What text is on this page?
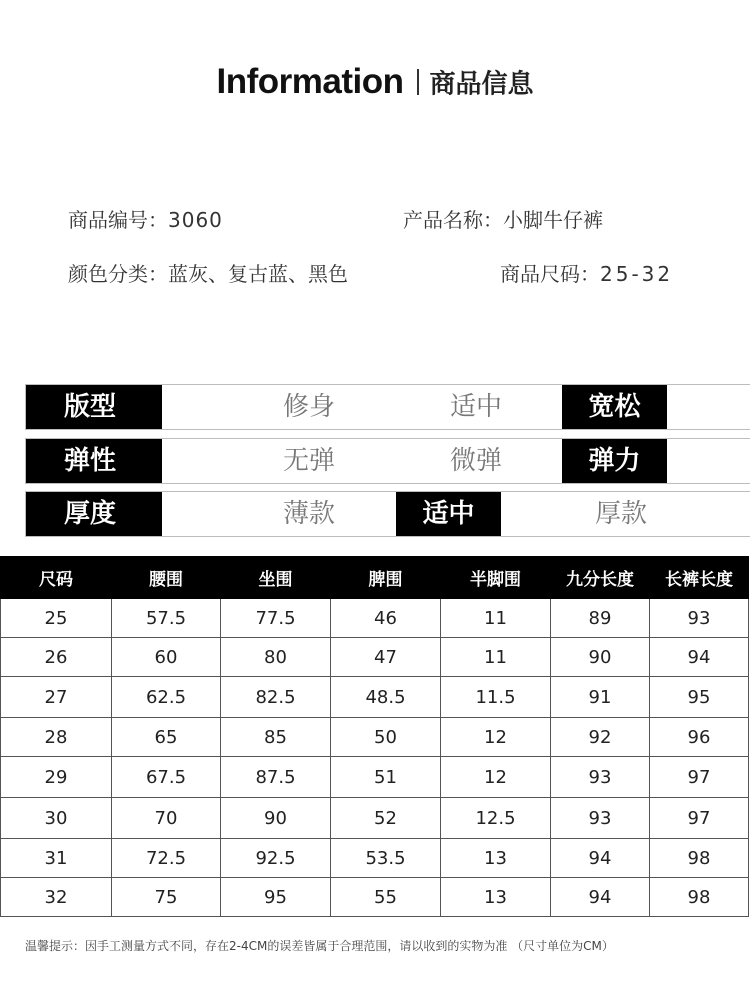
Information 商品信息
商品编号：3060	产品名称：小脚牛仔裤
颜色分类：蓝灰、复古蓝、黑色	商品尺码：25-32
版型	修身	适中	宽松
弹性	无弹	微弹	弹力
厚度	薄款	适中	厚款
尺码	腰围	坐围	脾围	半脚围	九分长度	长裤长度
25	57.5	77.5	46	11	89	93
26	60	80	47	11	90	94
27	62.5	82.5	48.5	11.5	91	95
28	65	85	50	12	92	96
29	67.5	87.5	51	12	93	97
30	70	90	52	12.5	93	97
31	72.5	92.5	53.5	13	94	98
32	75	95	55	13	94	98
温馨提示：因手工测量方式不同，存在2-4CM的误差皆属于合理范围，请以收到的实物为准 （尺寸单位为CM）
